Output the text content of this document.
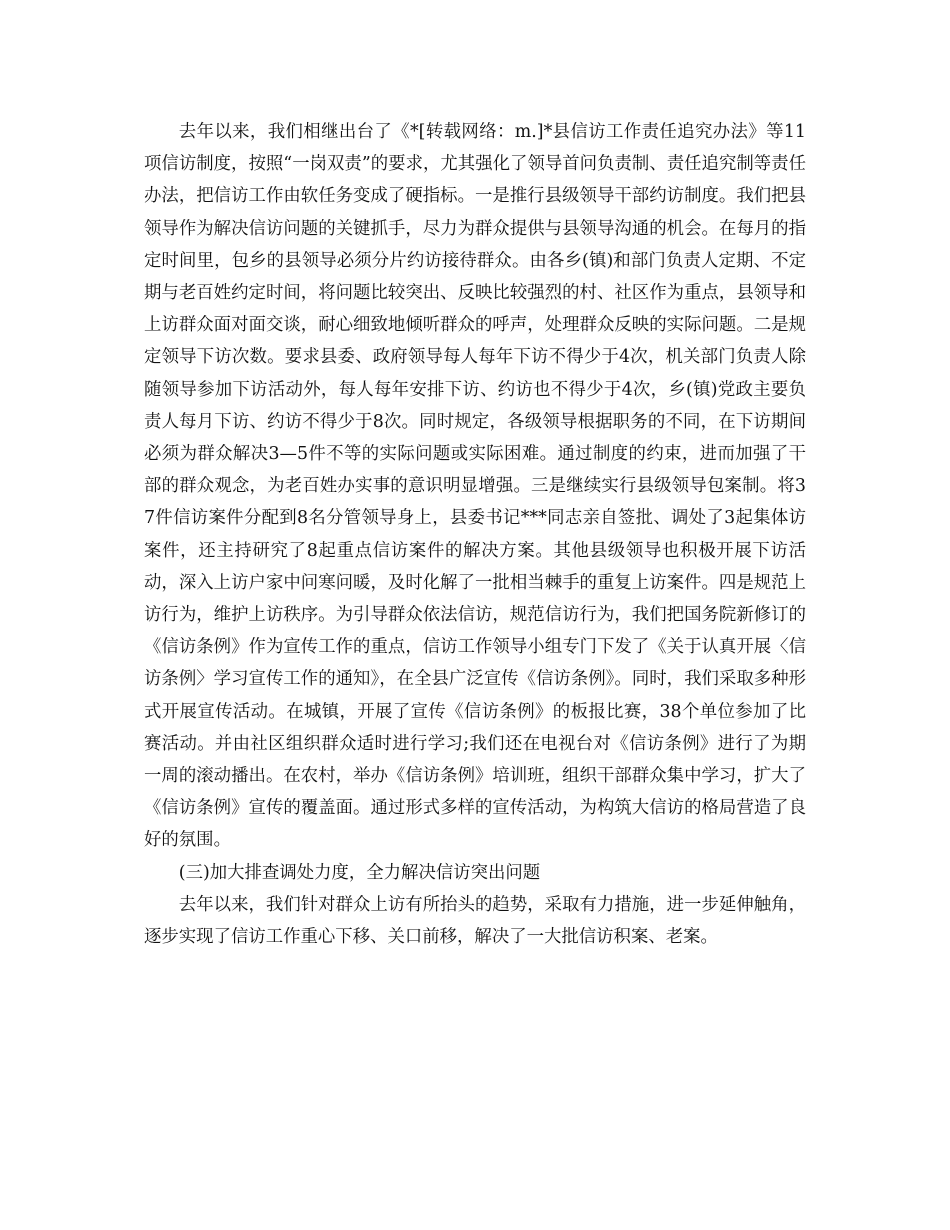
去年以来，我们相继出台了《*[转载网络：m.]*县信访工作责任追究办法》等11项信访制度，按照“一岗双责”的要求，尤其强化了领导首问负责制、责任追究制等责任办法，把信访工作由软任务变成了硬指标。一是推行县级领导干部约访制度。我们把县领导作为解决信访问题的关键抓手，尽力为群众提供与县领导沟通的机会。在每月的指定时间里，包乡的县领导必须分片约访接待群众。由各乡(镇)和部门负责人定期、不定期与老百姓约定时间，将问题比较突出、反映比较强烈的村、社区作为重点，县领导和上访群众面对面交谈，耐心细致地倾听群众的呼声，处理群众反映的实际问题。二是规定领导下访次数。要求县委、政府领导每人每年下访不得少于4次，机关部门负责人除随领导参加下访活动外，每人每年安排下访、约访也不得少于4次，乡(镇)党政主要负责人每月下访、约访不得少于8次。同时规定，各级领导根据职务的不同，在下访期间必须为群众解决3—5件不等的实际问题或实际困难。通过制度的约束，进而加强了干部的群众观念，为老百姓办实事的意识明显增强。三是继续实行县级领导包案制。将37件信访案件分配到8名分管领导身上，县委书记***同志亲自签批、调处了3起集体访案件，还主持研究了8起重点信访案件的解决方案。其他县级领导也积极开展下访活动，深入上访户家中问寒问暖，及时化解了一批相当棘手的重复上访案件。四是规范上访行为，维护上访秩序。为引导群众依法信访，规范信访行为，我们把国务院新修订的《信访条例》作为宣传工作的重点，信访工作领导小组专门下发了《关于认真开展〈信访条例〉学习宣传工作的通知》，在全县广泛宣传《信访条例》。同时，我们采取多种形式开展宣传活动。在城镇，开展了宣传《信访条例》的板报比赛，38个单位参加了比赛活动。并由社区组织群众适时进行学习;我们还在电视台对《信访条例》进行了为期一周的滚动播出。在农村，举办《信访条例》培训班，组织干部群众集中学习，扩大了《信访条例》宣传的覆盖面。通过形式多样的宣传活动，为构筑大信访的格局营造了良好的氛围。

(三)加大排查调处力度，全力解决信访突出问题

去年以来，我们针对群众上访有所抬头的趋势，采取有力措施，进一步延伸触角，逐步实现了信访工作重心下移、关口前移，解决了一大批信访积案、老案。
